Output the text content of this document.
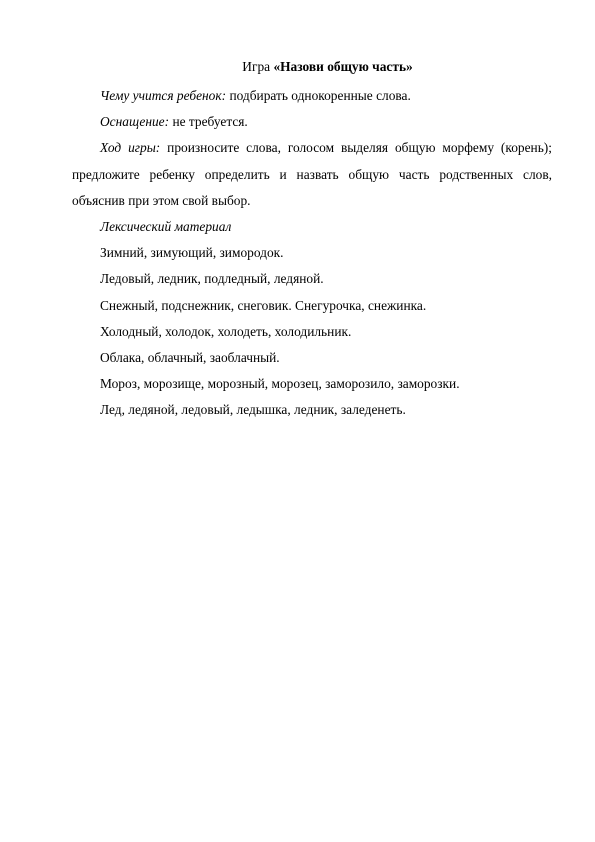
Игра «Назови общую часть»

Чему учится ребенок: подбирать однокоренные слова.

Оснащение: не требуется.

Ход игры: произносите слова, голосом выделяя общую морфему (корень); предложите ребенку определить и назвать общую часть родственных слов, объяснив при этом свой выбор.

Лексический материал

Зимний, зимующий, зимородок.

Ледовый, ледник, подледный, ледяной.

Снежный, подснежник, снеговик. Снегурочка, снежинка.

Холодный, холодок, холодеть, холодильник.

Облака, облачный, заоблачный.

Мороз, морозище, морозный, морозец, заморозило, заморозки.

Лед, ледяной, ледовый, ледышка, ледник, заледенеть.
